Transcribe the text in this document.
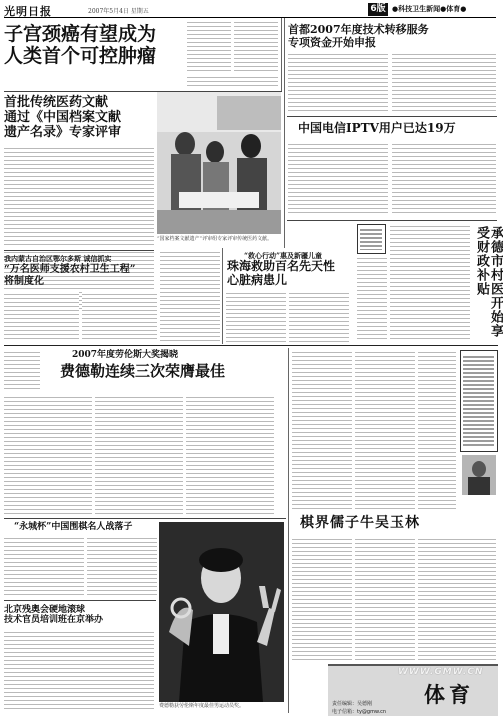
光明日报	2007年5月4日 星期五	6版 ●科技卫生新闻●体育●
子宫颈癌有望成为
人类首个可控肿瘤
首批传统医药文献
通过《中国档案文献
遗产名录》专家评审
“国家档案文献遗产”评审组专家评审传统医药文献。
我内蒙古自治区鄂尔多斯 诚信抓实
“万名医师支援农村卫生工程”
将制度化
“救心行动”惠及新疆儿童
珠海救助百名先天性
心脏病患儿
首都2007年度技术转移服务
专项资金开始申报
中国电信IPTV用户已达19万
承德市村医开始享受财政补贴
2007年度劳伦斯大奖揭晓
费德勒连续三次荣膺最佳
棋界儒子牛吴玉林
“永城杯”中国围棋名人战落子
费德勒获劳伦斯年度最佳男运动员奖。
北京残奥会硬地滚球
技术官员培训班在京举办
WWW.GMW.CN
体育
责任编辑：吴德刚
电子信箱：ty@gmw.cn
